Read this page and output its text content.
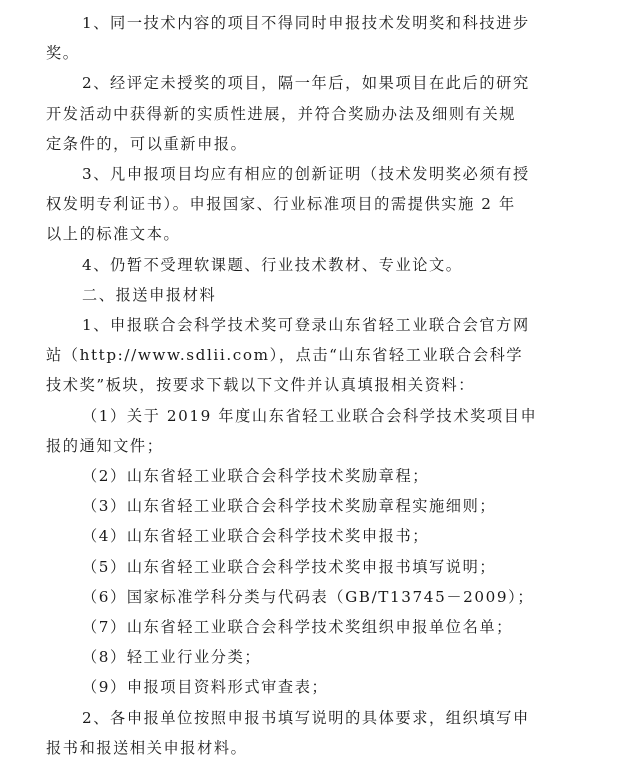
1、同一技术内容的项目不得同时申报技术发明奖和科技进步
奖。
2、经评定未授奖的项目，隔一年后，如果项目在此后的研究
开发活动中获得新的实质性进展，并符合奖励办法及细则有关规
定条件的，可以重新申报。
3、凡申报项目均应有相应的创新证明（技术发明奖必须有授
权发明专利证书）。申报国家、行业标准项目的需提供实施 2 年
以上的标准文本。
4、仍暂不受理软课题、行业技术教材、专业论文。
二、报送申报材料
1、申报联合会科学技术奖可登录山东省轻工业联合会官方网
站（http://www.sdlii.com），点击“山东省轻工业联合会科学
技术奖”板块，按要求下载以下文件并认真填报相关资料：
（1）关于 2019 年度山东省轻工业联合会科学技术奖项目申
报的通知文件；
（2）山东省轻工业联合会科学技术奖励章程；
（3）山东省轻工业联合会科学技术奖励章程实施细则；
（4）山东省轻工业联合会科学技术奖申报书；
（5）山东省轻工业联合会科学技术奖申报书填写说明；
（6）国家标准学科分类与代码表（GB/T13745－2009）；
（7）山东省轻工业联合会科学技术奖组织申报单位名单；
（8）轻工业行业分类；
（9）申报项目资料形式审查表；
2、各申报单位按照申报书填写说明的具体要求，组织填写申
报书和报送相关申报材料。
